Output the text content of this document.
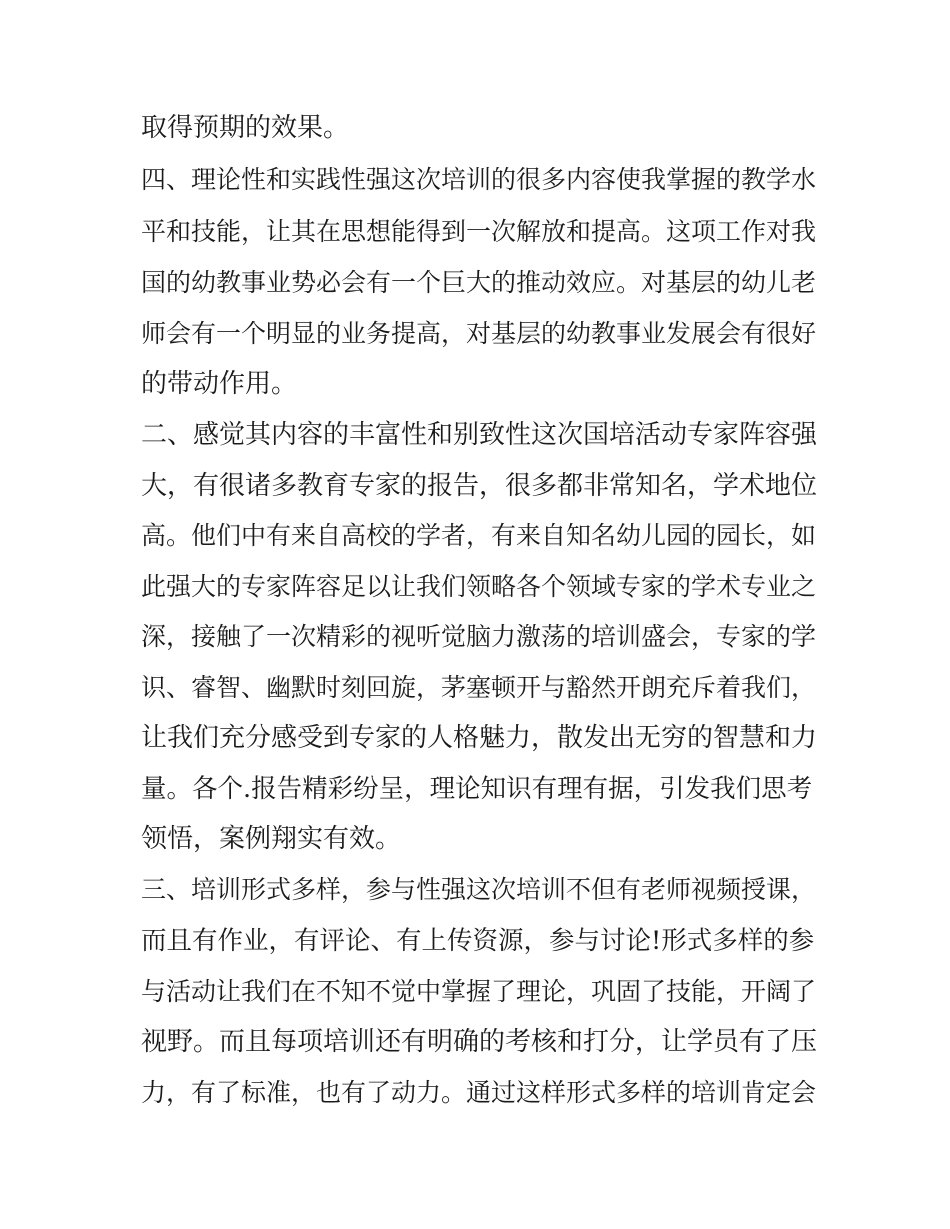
取得预期的效果。
四、理论性和实践性强这次培训的很多内容使我掌握的教学水
平和技能，让其在思想能得到一次解放和提高。这项工作对我
国的幼教事业势必会有一个巨大的推动效应。对基层的幼儿老
师会有一个明显的业务提高，对基层的幼教事业发展会有很好
的带动作用。
二、感觉其内容的丰富性和别致性这次国培活动专家阵容强
大，有很诸多教育专家的报告，很多都非常知名，学术地位
高。他们中有来自高校的学者，有来自知名幼儿园的园长，如
此强大的专家阵容足以让我们领略各个领域专家的学术专业之
深，接触了一次精彩的视听觉脑力激荡的培训盛会，专家的学
识、睿智、幽默时刻回旋，茅塞顿开与豁然开朗充斥着我们，
让我们充分感受到专家的人格魅力，散发出无穷的智慧和力
量。各个.报告精彩纷呈，理论知识有理有据，引发我们思考
领悟，案例翔实有效。
三、培训形式多样，参与性强这次培训不但有老师视频授课，
而且有作业，有评论、有上传资源，参与讨论!形式多样的参
与活动让我们在不知不觉中掌握了理论，巩固了技能，开阔了
视野。而且每项培训还有明确的考核和打分，让学员有了压
力，有了标准，也有了动力。通过这样形式多样的培训肯定会
